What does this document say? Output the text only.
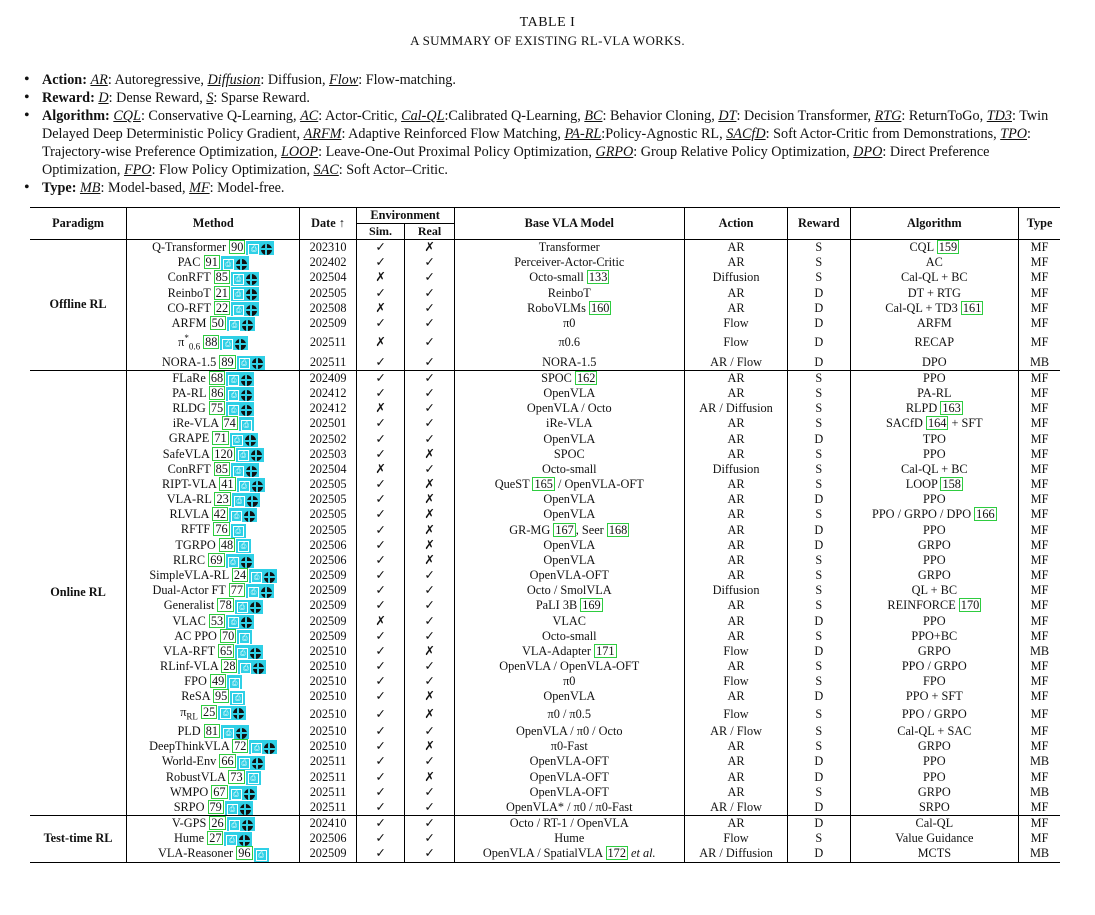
TABLE I
A SUMMARY OF EXISTING RL-VLA WORKS.
• Action: AR: Autoregressive, Diffusion: Diffusion, Flow: Flow-matching.
• Reward: D: Dense Reward, S: Sparse Reward.
• Algorithm: CQL: Conservative Q-Learning, AC: Actor-Critic, Cal-QL:Calibrated Q-Learning, BC: Behavior Cloning, DT: Decision Transformer, RTG: ReturnToGo, TD3: Twin Delayed Deep Deterministic Policy Gradient, ARFM: Adaptive Reinforced Flow Matching, PA-RL:Policy-Agnostic RL, SACfD: Soft Actor-Critic from Demonstrations, TPO: Trajectory-wise Preference Optimization, LOOP: Leave-One-Out Proximal Policy Optimization, GRPO: Group Relative Policy Optimization, DPO: Direct Preference Optimization, FPO: Flow Policy Optimization, SAC: Soft Actor–Critic.
• Type: MB: Model-based, MF: Model-free.
Paradigm	Method	Date ↑	Environment		Base VLA Model	Action	Reward	Algorithm	Type
			Sim.	Real					
Offline RL	Q-Transformer 90 ⎙	202310	✓	✗	Transformer	AR	S	CQL 159	MF
	PAC 91 ⎙	202402	✓	✓	Perceiver-Actor-Critic	AR	S	AC	MF
	ConRFT 85 ⎙	202504	✗	✓	Octo-small 133	Diffusion	S	Cal-QL + BC	MF
	ReinboT 21 ⎙	202505	✓	✓	ReinboT	AR	D	DT + RTG	MF
	CO-RFT 22 ⎙	202508	✗	✓	RoboVLMs 160	AR	D	Cal-QL + TD3 161	MF
	ARFM 50 ⎙	202509	✓	✓	π0	Flow	D	ARFM	MF
	$\pi^*_{0.6}$ 88 ⎙	202511	✗	✓	π0.6	Flow	D	RECAP	MF
	NORA-1.5 89 ⎙	202511	✓	✓	NORA-1.5	AR / Flow	D	DPO	MB
Online RL	FLaRe 68 ⎙	202409	✓	✓	SPOC 162	AR	S	PPO	MF
	PA-RL 86 ⎙	202412	✓	✓	OpenVLA	AR	S	PA-RL	MF
	RLDG 75 ⎙	202412	✗	✓	OpenVLA / Octo	AR / Diffusion	S	RLPD 163	MF
	iRe-VLA 74 ⎙	202501	✓	✓	iRe-VLA	AR	S	SACfD 164 + SFT	MF
	GRAPE 71 ⎙	202502	✓	✓	OpenVLA	AR	D	TPO	MF
	SafeVLA 120 ⎙	202503	✓	✗	SPOC	AR	S	PPO	MF
	ConRFT 85 ⎙	202504	✗	✓	Octo-small	Diffusion	S	Cal-QL + BC	MF
	RIPT-VLA 41 ⎙	202505	✓	✗	QueST 165 / OpenVLA-OFT	AR	S	LOOP 158	MF
	VLA-RL 23 ⎙	202505	✓	✗	OpenVLA	AR	D	PPO	MF
	RLVLA 42 ⎙	202505	✓	✗	OpenVLA	AR	S	PPO / GRPO / DPO 166	MF
	RFTF 76 ⎙	202505	✓	✗	GR-MG 167 , Seer 168	AR	D	PPO	MF
	TGRPO 48 ⎙	202506	✓	✗	OpenVLA	AR	D	GRPO	MF
	RLRC 69 ⎙	202506	✓	✗	OpenVLA	AR	S	PPO	MF
	SimpleVLA-RL 24 ⎙	202509	✓	✓	OpenVLA-OFT	AR	S	GRPO	MF
	Dual-Actor FT 77 ⎙	202509	✓	✓	Octo / SmolVLA	Diffusion	S	QL + BC	MF
	Generalist 78 ⎙	202509	✓	✓	PaLI 3B 169	AR	S	REINFORCE 170	MF
	VLAC 53 ⎙	202509	✗	✓	VLAC	AR	D	PPO	MF
	AC PPO 70 ⎙	202509	✓	✓	Octo-small	AR	S	PPO+BC	MF
	VLA-RFT 65 ⎙	202510	✓	✗	VLA-Adapter 171	Flow	D	GRPO	MB
	RLinf-VLA 28 ⎙	202510	✓	✓	OpenVLA / OpenVLA-OFT	AR	S	PPO / GRPO	MF
	FPO 49 ⎙	202510	✓	✓	π0	Flow	S	FPO	MF
	ReSA 95 ⎙	202510	✓	✗	OpenVLA	AR	D	PPO + SFT	MF
	$\pi_{RL}$ 25 ⎙	202510	✓	✗	π0 / π0.5	Flow	S	PPO / GRPO	MF
	PLD 81 ⎙	202510	✓	✓	OpenVLA / π0 / Octo	AR / Flow	S	Cal-QL + SAC	MF
	DeepThinkVLA 72 ⎙	202510	✓	✗	π0-Fast	AR	S	GRPO	MF
	World-Env 66 ⎙	202511	✓	✓	OpenVLA-OFT	AR	D	PPO	MB
	RobustVLA 73 ⎙	202511	✓	✗	OpenVLA-OFT	AR	D	PPO	MF
	WMPO 67 ⎙	202511	✓	✓	OpenVLA-OFT	AR	S	GRPO	MB
	SRPO 79 ⎙	202511	✓	✓	OpenVLA* / π0 / π0-Fast	AR / Flow	D	SRPO	MF
Test-time RL	V-GPS 26 ⎙	202410	✓	✓	Octo / RT-1 / OpenVLA	AR	D	Cal-QL	MF
	Hume 27 ⎙	202506	✓	✓	Hume	Flow	S	Value Guidance	MF
	VLA-Reasoner 96 ⎙	202509	✓	✓	OpenVLA / SpatialVLA 172 et al.	AR / Diffusion	D	MCTS	MB
